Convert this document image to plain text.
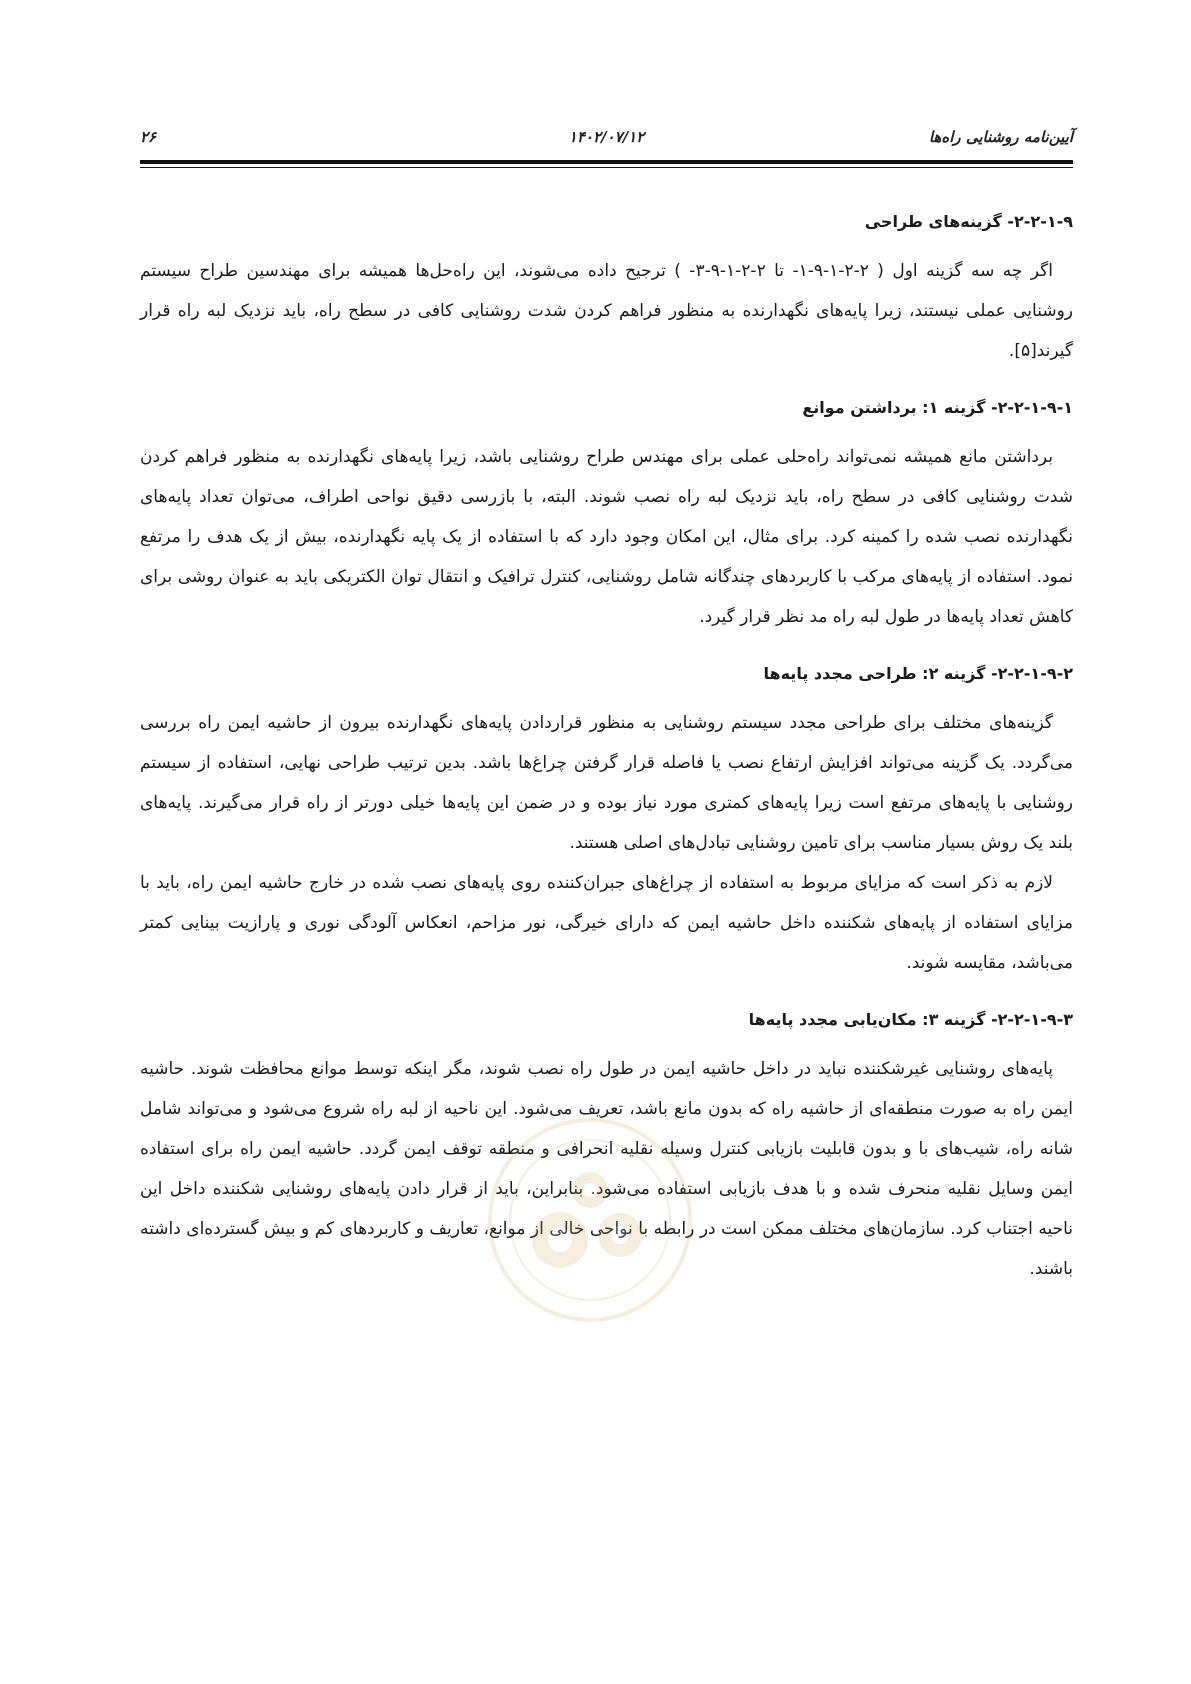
۲۶	۱۴۰۲/۰۷/۱۲	آیین‌نامه روشنایی راه‌ها
۲-۲-۱-۹- گزینه‌های طراحی

اگر چه سه گزینه اول ( ۲-۲-۱-۹-۱- تا ۲-۲-۱-۹-۳- ) ترجیح داده می‌شوند، این راه‌حل‌ها همیشه برای مهندسین طراح سیستم روشنایی عملی نیستند، زیرا پایه‌های نگهدارنده به منظور فراهم کردن شدت روشنایی کافی در سطح راه، باید نزدیک لبه راه قرار گیرند[۵].

۲-۲-۱-۹-۱- گزینه ۱: برداشتن موانع

برداشتن مانع همیشه نمی‌تواند راه‌حلی عملی برای مهندس طراح روشنایی باشد، زیرا پایه‌های نگهدارنده به منظور فراهم کردن شدت روشنایی کافی در سطح راه، باید نزدیک لبه راه نصب شوند. البته، با بازرسی دقیق نواحی اطراف، می‌توان تعداد پایه‌های نگهدارنده نصب شده را کمینه کرد. برای مثال، این امکان وجود دارد که با استفاده از یک پایه نگهدارنده، بیش از یک هدف را مرتفع نمود. استفاده از پایه‌های مرکب با کاربردهای چندگانه شامل روشنایی، کنترل ترافیک و انتقال توان الکتریکی باید به عنوان روشی برای کاهش تعداد پایه‌ها در طول لبه راه مد نظر قرار گیرد.

۲-۲-۱-۹-۲- گزینه ۲: طراحی مجدد پایه‌ها

گزینه‌های مختلف برای طراحی مجدد سیستم روشنایی به منظور قراردادن پایه‌های نگهدارنده بیرون از حاشیه ایمن راه بررسی می‌گردد. یک گزینه می‌تواند افزایش ارتفاع نصب یا فاصله قرار گرفتن چراغ‌ها باشد. بدین ترتیب طراحی نهایی، استفاده از سیستم روشنایی با پایه‌های مرتفع است زیرا پایه‌های کمتری مورد نیاز بوده و در ضمن این پایه‌ها خیلی دورتر از راه قرار می‌گیرند. پایه‌های بلند یک روش بسیار مناسب برای تامین روشنایی تبادل‌های اصلی هستند.

لازم به ذکر است که مزایای مربوط به استفاده از چراغ‌های جبران‌کننده روی پایه‌های نصب شده در خارج حاشیه ایمن راه، باید با مزایای استفاده از پایه‌های شکننده داخل حاشیه ایمن که دارای خیرگی، نور مزاحم، انعکاس آلودگی نوری و پارازیت بینایی کمتر می‌باشد، مقایسه شوند.

۲-۲-۱-۹-۳- گزینه ۳: مکان‌یابی مجدد پایه‌ها

پایه‌های روشنایی غیرشکننده نباید در داخل حاشیه ایمن در طول راه نصب شوند، مگر اینکه توسط موانع محافظت شوند. حاشیه ایمن راه به صورت منطقه‌ای از حاشیه راه که بدون مانع باشد، تعریف می‌شود. این ناحیه از لبه راه شروع می‌شود و می‌تواند شامل شانه راه، شیب‌های با و بدون قابلیت بازیابی کنترل وسیله نقلیه انحرافی و منطقه توقف ایمن گردد. حاشیه ایمن راه برای استفاده ایمن وسایل نقلیه منحرف شده و با هدف بازیابی استفاده می‌شود. بنابراین، باید از قرار دادن پایه‌های روشنایی شکننده داخل این ناحیه اجتناب کرد. سازمان‌های مختلف ممکن است در رابطه با نواحی خالی از موانع، تعاریف و کاربردهای کم و بیش گسترده‌ای داشته باشند.
